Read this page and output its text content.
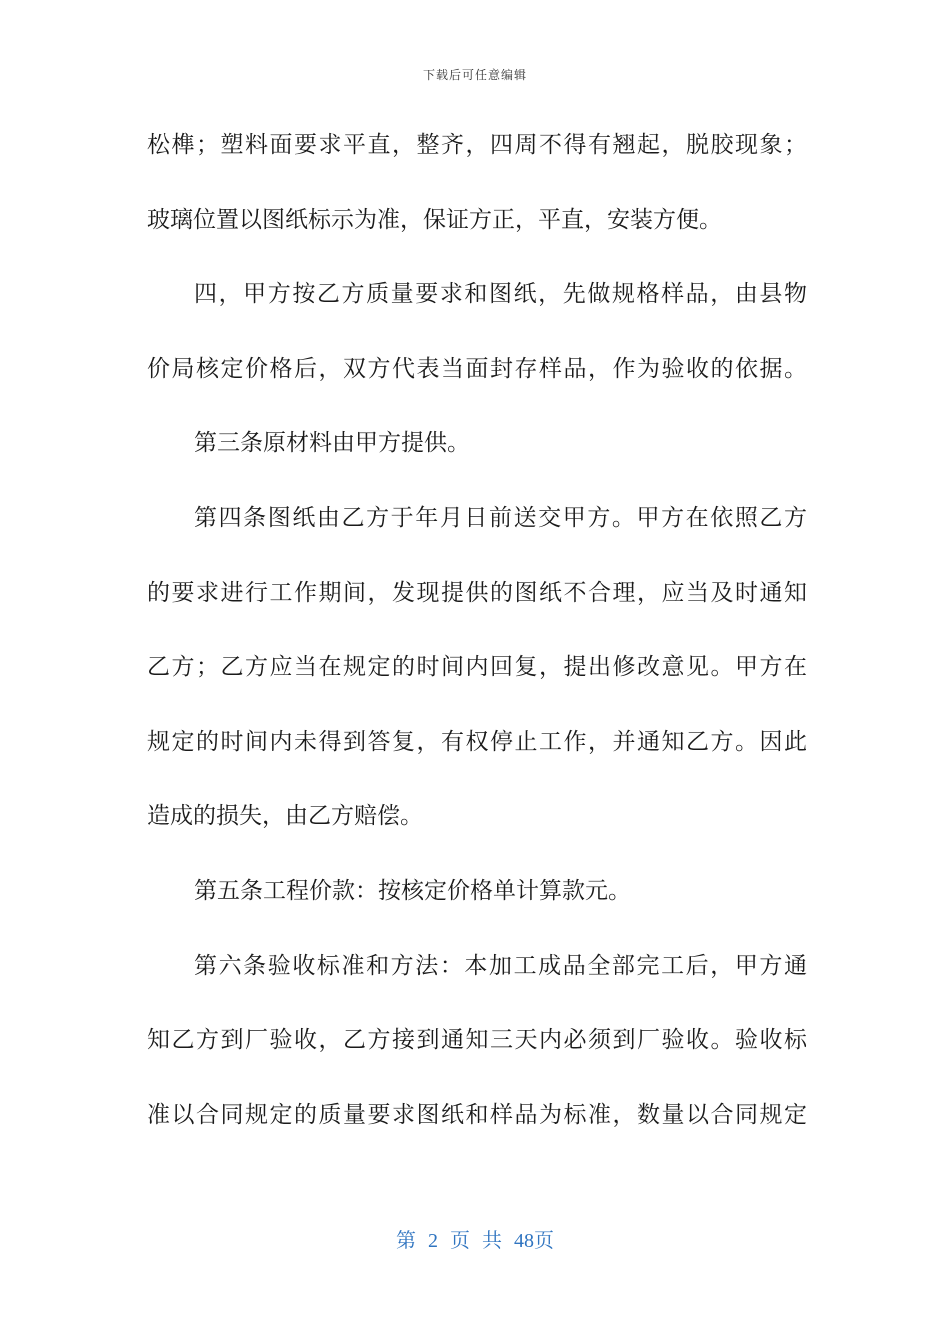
下载后可任意编辑
松榫；塑料面要求平直，整齐，四周不得有翘起，脱胶现象；
玻璃位置以图纸标示为准，保证方正，平直，安装方便。
四，甲方按乙方质量要求和图纸，先做规格样品，由县物
价局核定价格后，双方代表当面封存样品，作为验收的依据。
第三条原材料由甲方提供。
第四条图纸由乙方于年月日前送交甲方。甲方在依照乙方
的要求进行工作期间，发现提供的图纸不合理，应当及时通知
乙方；乙方应当在规定的时间内回复，提出修改意见。甲方在
规定的时间内未得到答复，有权停止工作，并通知乙方。因此
造成的损失，由乙方赔偿。
第五条工程价款：按核定价格单计算款元。
第六条验收标准和方法：本加工成品全部完工后，甲方通
知乙方到厂验收，乙方接到通知三天内必须到厂验收。验收标
准以合同规定的质量要求图纸和样品为标准，数量以合同规定
第 2 页 共 48页
